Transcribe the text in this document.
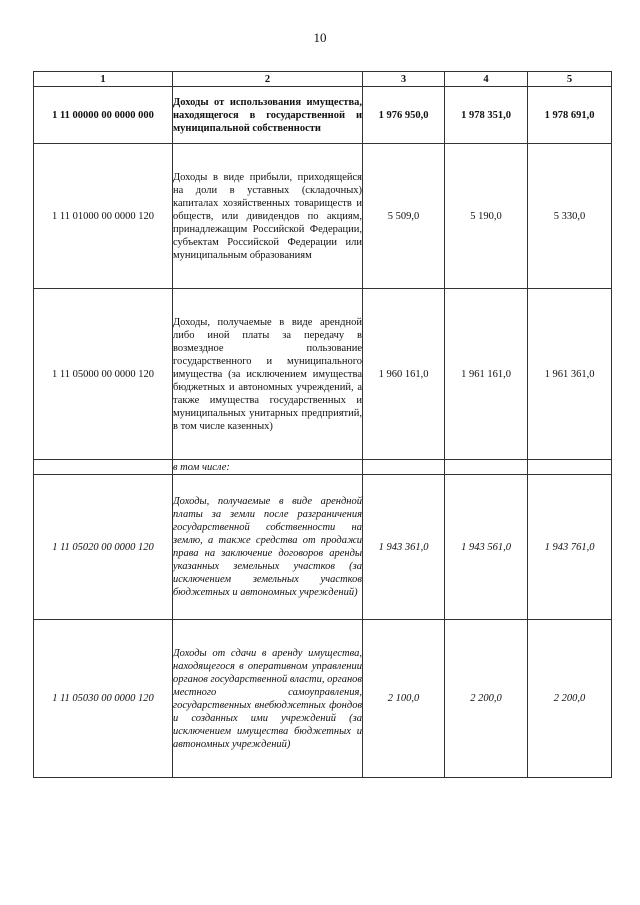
10
1	2	3	4	5
1 11 00000 00 0000 000	Доходы от использования имущества, находящегося в государственной и муниципальной собственности	1 976 950,0	1 978 351,0	1 978 691,0
1 11 01000 00 0000 120	Доходы в виде прибыли, приходящейся на доли в уставных (складочных) капиталах хозяйственных товариществ и обществ, или дивидендов по акциям, принадлежащим Российской Федерации, субъектам Российской Федерации или муниципальным образованиям	5 509,0	5 190,0	5 330,0
1 11 05000 00 0000 120	Доходы, получаемые в виде арендной либо иной платы за передачу в возмездное пользование государственного и муниципального имущества (за исключением имущества бюджетных и автономных учреждений, а также имущества государственных и муниципальных унитарных предприятий, в том числе казенных)	1 960 161,0	1 961 161,0	1 961 361,0
	в том числе:			
1 11 05020 00 0000 120	Доходы, получаемые в виде арендной платы за земли после разграничения государственной собственности на землю, а также средства от продажи права на заключение договоров аренды указанных земельных участков (за исключением земельных участков бюджетных и автономных учреждений)	1 943 361,0	1 943 561,0	1 943 761,0
1 11 05030 00 0000 120	Доходы от сдачи в аренду имущества, находящегося в оперативном управлении органов государственной власти, органов местного самоуправления, государственных внебюджетных фондов и созданных ими учреждений (за исключением имущества бюджетных и автономных учреждений)	2 100,0	2 200,0	2 200,0
